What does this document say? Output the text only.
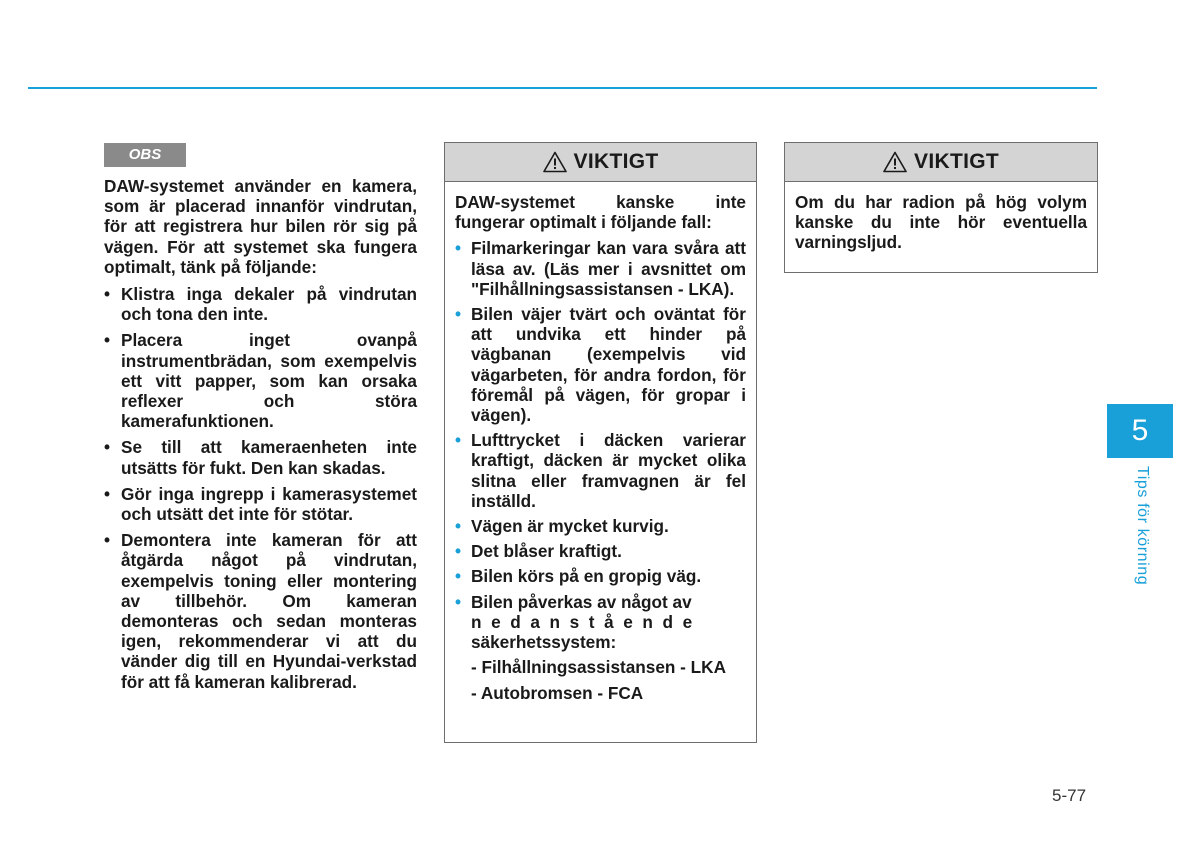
OBS

DAW-systemet använder en kamera, som är placerad innanför vindrutan, för att registrera hur bilen rör sig på vägen. För att systemet ska fungera optimalt, tänk på följande:

• Klistra inga dekaler på vindrutan och tona den inte.
• Placera inget ovanpå instrumentbrädan, som exempelvis ett vitt papper, som kan orsaka reflexer och störa kamerafunktionen.
• Se till att kameraenheten inte utsätts för fukt. Den kan skadas.
• Gör inga ingrepp i kamerasystemet och utsätt det inte för stötar.
• Demontera inte kameran för att åtgärda något på vindrutan, exempelvis toning eller montering av tillbehör. Om kameran demonteras och sedan monteras igen, rekommenderar vi att du vänder dig till en Hyundai-verkstad för att få kameran kalibrerad.
VIKTIGT

DAW-systemet kanske inte fungerar optimalt i följande fall:

• Filmarkeringar kan vara svåra att läsa av. (Läs mer i avsnittet om "Filhållningsassistansen - LKA).
• Bilen väjer tvärt och oväntat för att undvika ett hinder på vägbanan (exempelvis vid vägarbeten, för andra fordon, för föremål på vägen, för gropar i vägen).
• Lufttrycket i däcken varierar kraftigt, däcken är mycket olika slitna eller framvagnen är fel inställd.
• Vägen är mycket kurvig.
• Det blåser kraftigt.
• Bilen körs på en gropig väg.
• Bilen påverkas av något av
nedanstående
säkerhetssystem:
- Filhållningsassistansen - LKA
- Autobromsen - FCA
VIKTIGT

Om du har radion på hög volym kanske du inte hör eventuella varningsljud.

5
Tips för körning
5-77
